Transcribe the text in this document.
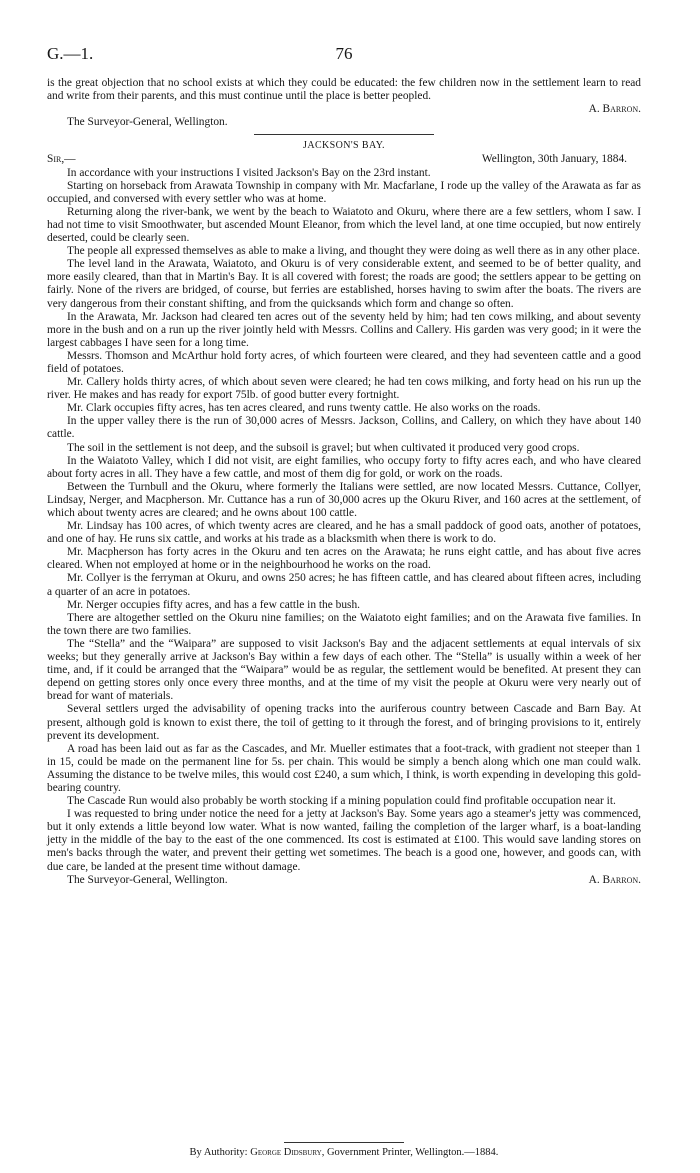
G.—1.	76

is the great objection that no school exists at which they could be educated: the few children now in the settlement learn to read and write from their parents, and this must continue until the place is better peopled.

A. Barron.

The Surveyor-General, Wellington.

JACKSON'S BAY.
Sir,—	Wellington, 30th January, 1884.

In accordance with your instructions I visited Jackson's Bay on the 23rd instant.

Starting on horseback from Arawata Township in company with Mr. Macfarlane, I rode up the valley of the Arawata as far as occupied, and conversed with every settler who was at home.

Returning along the river-bank, we went by the beach to Waiatoto and Okuru, where there are a few settlers, whom I saw. I had not time to visit Smoothwater, but ascended Mount Eleanor, from which the level land, at one time occupied, but now entirely deserted, could be clearly seen.

The people all expressed themselves as able to make a living, and thought they were doing as well there as in any other place.

The level land in the Arawata, Waiatoto, and Okuru is of very considerable extent, and seemed to be of better quality, and more easily cleared, than that in Martin's Bay. It is all covered with forest; the roads are good; the settlers appear to be getting on fairly. None of the rivers are bridged, of course, but ferries are established, horses having to swim after the boats. The rivers are very dangerous from their constant shifting, and from the quicksands which form and change so often.

In the Arawata, Mr. Jackson had cleared ten acres out of the seventy held by him; had ten cows milking, and about seventy more in the bush and on a run up the river jointly held with Messrs. Collins and Callery. His garden was very good; in it were the largest cabbages I have seen for a long time.

Messrs. Thomson and McArthur hold forty acres, of which fourteen were cleared, and they had seventeen cattle and a good field of potatoes.

Mr. Callery holds thirty acres, of which about seven were cleared; he had ten cows milking, and forty head on his run up the river. He makes and has ready for export 75lb. of good butter every fortnight.

Mr. Clark occupies fifty acres, has ten acres cleared, and runs twenty cattle. He also works on the roads.

In the upper valley there is the run of 30,000 acres of Messrs. Jackson, Collins, and Callery, on which they have about 140 cattle.

The soil in the settlement is not deep, and the subsoil is gravel; but when cultivated it produced very good crops.

In the Waiatoto Valley, which I did not visit, are eight families, who occupy forty to fifty acres each, and who have cleared about forty acres in all. They have a few cattle, and most of them dig for gold, or work on the roads.

Between the Turnbull and the Okuru, where formerly the Italians were settled, are now located Messrs. Cuttance, Collyer, Lindsay, Nerger, and Macpherson. Mr. Cuttance has a run of 30,000 acres up the Okuru River, and 160 acres at the settlement, of which about twenty acres are cleared; and he owns about 100 cattle.

Mr. Lindsay has 100 acres, of which twenty acres are cleared, and he has a small paddock of good oats, another of potatoes, and one of hay. He runs six cattle, and works at his trade as a blacksmith when there is work to do.

Mr. Macpherson has forty acres in the Okuru and ten acres on the Arawata; he runs eight cattle, and has about five acres cleared. When not employed at home or in the neighbourhood he works on the road.

Mr. Collyer is the ferryman at Okuru, and owns 250 acres; he has fifteen cattle, and has cleared about fifteen acres, including a quarter of an acre in potatoes.

Mr. Nerger occupies fifty acres, and has a few cattle in the bush.

There are altogether settled on the Okuru nine families; on the Waiatoto eight families; and on the Arawata five families. In the town there are two families.

The “Stella” and the “Waipara” are supposed to visit Jackson's Bay and the adjacent settlements at equal intervals of six weeks; but they generally arrive at Jackson's Bay within a few days of each other. The “Stella” is usually within a week of her time, and, if it could be arranged that the “Waipara” would be as regular, the settlement would be benefited. At present they can depend on getting stores only once every three months, and at the time of my visit the people at Okuru were very nearly out of bread for want of materials.

Several settlers urged the advisability of opening tracks into the auriferous country between Cascade and Barn Bay. At present, although gold is known to exist there, the toil of getting to it through the forest, and of bringing provisions to it, entirely prevent its development.

A road has been laid out as far as the Cascades, and Mr. Mueller estimates that a foot-track, with gradient not steeper than 1 in 15, could be made on the permanent line for 5s. per chain. This would be simply a bench along which one man could walk. Assuming the distance to be twelve miles, this would cost £240, a sum which, I think, is worth expending in developing this gold-bearing country.

The Cascade Run would also probably be worth stocking if a mining population could find profitable occupation near it.

I was requested to bring under notice the need for a jetty at Jackson's Bay. Some years ago a steamer's jetty was commenced, but it only extends a little beyond low water. What is now wanted, failing the completion of the larger wharf, is a boat-landing jetty in the middle of the bay to the east of the one commenced. Its cost is estimated at £100. This would save landing stores on men's backs through the water, and prevent their getting wet sometimes. The beach is a good one, however, and goods can, with due care, be landed at the present time without damage.

The Surveyor-General, Wellington.	A. Barron.
By Authority: George Didsbury, Government Printer, Wellington.—1884.
